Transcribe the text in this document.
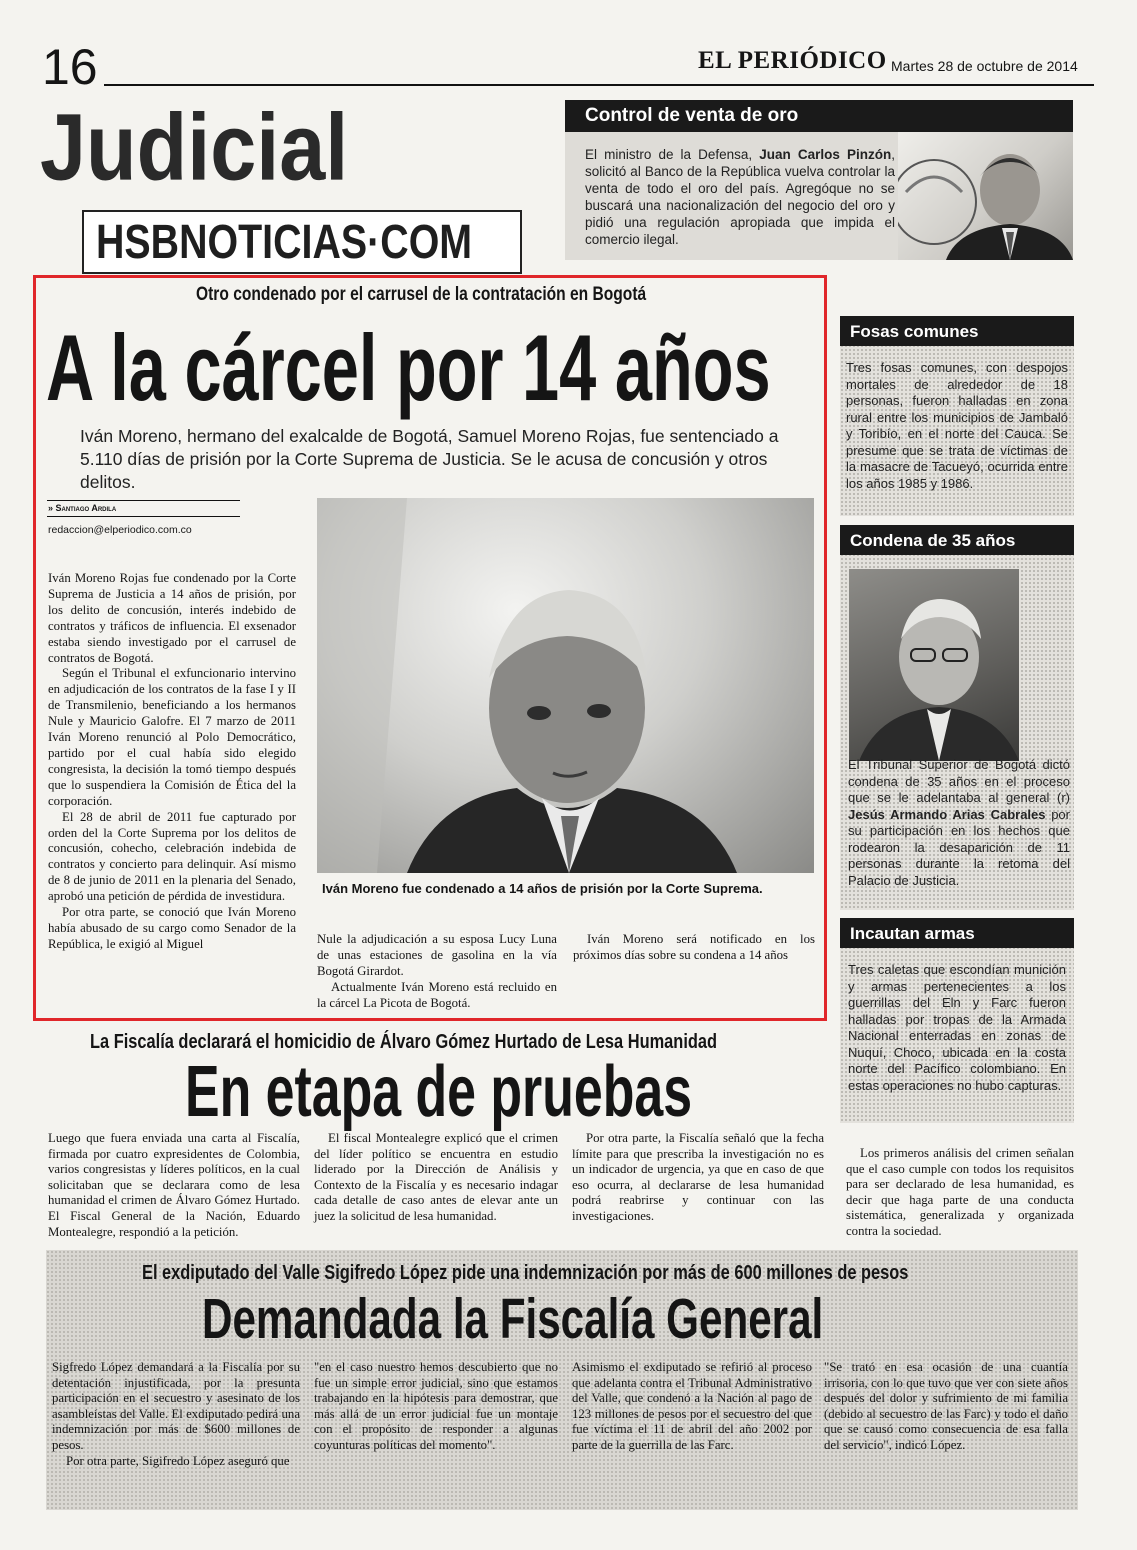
16	EL PERIÓDICO Martes 28 de octubre de 2014
Judicial
HSBNOTICIAS·COM
Control de venta de oro
El ministro de la Defensa, Juan Carlos Pinzón, solicitó al Banco de la República vuelva controlar la venta de todo el oro del país. Agregóque no se buscará una nacionalización del negocio del oro y pidió una regulación apropiada que impida el comercio ilegal.
Otro condenado por el carrusel de la contratación en Bogotá
A la cárcel por 14 años
Iván Moreno, hermano del exalcalde de Bogotá, Samuel Moreno Rojas, fue sentenciado a 5.110 días de prisión por la Corte Suprema de Justicia. Se le acusa de concusión y otros delitos.
» Santiago Ardila
redaccion@elperiodico.com.co

Iván Moreno Rojas fue condenado por la Corte Suprema de Justicia a 14 años de prisión, por los delito de concusión, interés indebido de contratos y tráficos de influencia. El exsenador estaba siendo investigado por el carrusel de contratos de Bogotá.

Según el Tribunal el exfuncionario intervino en adjudicación de los contratos de la fase I y II de Transmilenio, beneficiando a los hermanos Nule y Mauricio Galofre. El 7 marzo de 2011 Iván Moreno renunció al Polo Democrático, partido por el cual había sido elegido congresista, la decisión la tomó tiempo después que lo suspendiera la Comisión de Ética del la corporación.

El 28 de abril de 2011 fue capturado por orden del la Corte Suprema por los delitos de concusión, cohecho, celebración indebida de contratos y concierto para delinquir. Así mismo de 8 de junio de 2011 en la plenaria del Senado, aprobó una petición de pérdida de investidura.

Por otra parte, se conoció que Iván Moreno había abusado de su cargo como Senador de la República, le exigió al Miguel

Iván Moreno fue condenado a 14 años de prisión por la Corte Suprema.

Nule la adjudicación a su esposa Lucy Luna de unas estaciones de gasolina en la vía Bogotá Girardot.

Actualmente Iván Moreno está recluido en la cárcel La Picota de Bogotá.

Iván Moreno será notificado en los próximos días sobre su condena a 14 años

Fosas comunes
Tres fosas comunes, con despojos mortales de alrededor de 18 personas, fueron halladas en zona rural entre los municipios de Jambaló y Toribío, en el norte del Cauca. Se presume que se trata de víctimas de la masacre de Tacueyó, ocurrida entre los años 1985 y 1986.
Condena de 35 años
El Tribunal Superior de Bogotá dictó condena de 35 años en el proceso que se le adelantaba al general (r) Jesús Armando Arias Cabrales por su participación en los hechos que rodearon la desaparición de 11 personas durante la retoma del Palacio de Justicia.
Incautan armas
Tres caletas que escondían munición y armas pertenecientes a los guerrillas del Eln y Farc fueron halladas por tropas de la Armada Nacional enterradas en zonas de Nuquí, Choco, ubicada en la costa norte del Pacífico colombiano. En estas operaciones no hubo capturas.
La Fiscalía declarará el homicidio de Álvaro Gómez Hurtado de Lesa Humanidad
En etapa de pruebas

Luego que fuera enviada una carta al Fiscalía, firmada por cuatro expresidentes de Colombia, varios congresistas y líderes políticos, en la cual solicitaban que se declarara como de lesa humanidad el crimen de Álvaro Gómez Hurtado. El Fiscal General de la Nación, Eduardo Montealegre, respondió a la petición.

El fiscal Montealegre explicó que el crimen del líder político se encuentra en estudio liderado por la Dirección de Análisis y Contexto de la Fiscalía y es necesario indagar cada detalle de caso antes de elevar ante un juez la solicitud de lesa humanidad.

Por otra parte, la Fiscalía señaló que la fecha límite para que prescriba la investigación no es un indicador de urgencia, ya que en caso de que eso ocurra, al declararse de lesa humanidad podrá reabrirse y continuar con las investigaciones.

Los primeros análisis del crimen señalan que el caso cumple con todos los requisitos para ser declarado de lesa humanidad, es decir que haga parte de una conducta sistemática, generalizada y organizada contra la sociedad.

El exdiputado del Valle Sigifredo López pide una indemnización por más de 600 millones de pesos
Demandada la Fiscalía General

Sigfredo López demandará a la Fiscalía por su detentación injustificada, por la presunta participación en el secuestro y asesinato de los asambleístas del Valle. El exdiputado pedirá una indemnización por más de $600 millones de pesos.

Por otra parte, Sigifredo López aseguró que

"en el caso nuestro hemos descubierto que no fue un simple error judicial, sino que estamos trabajando en la hipótesis para demostrar, que más allá de un error judicial fue un montaje con el propósito de responder a algunas coyunturas políticas del momento".

Asimismo el exdiputado se refirió al proceso que adelanta contra el Tribunal Administrativo del Valle, que condenó a la Nación al pago de 123 millones de pesos por el secuestro del que fue víctima el 11 de abril del año 2002 por parte de la guerrilla de las Farc.

"Se trató en esa ocasión de una cuantía irrisoria, con lo que tuvo que ver con siete años después del dolor y sufrimiento de mi familia (debido al secuestro de las Farc) y todo el daño que se causó como consecuencia de esa falla del servicio", indicó López.
